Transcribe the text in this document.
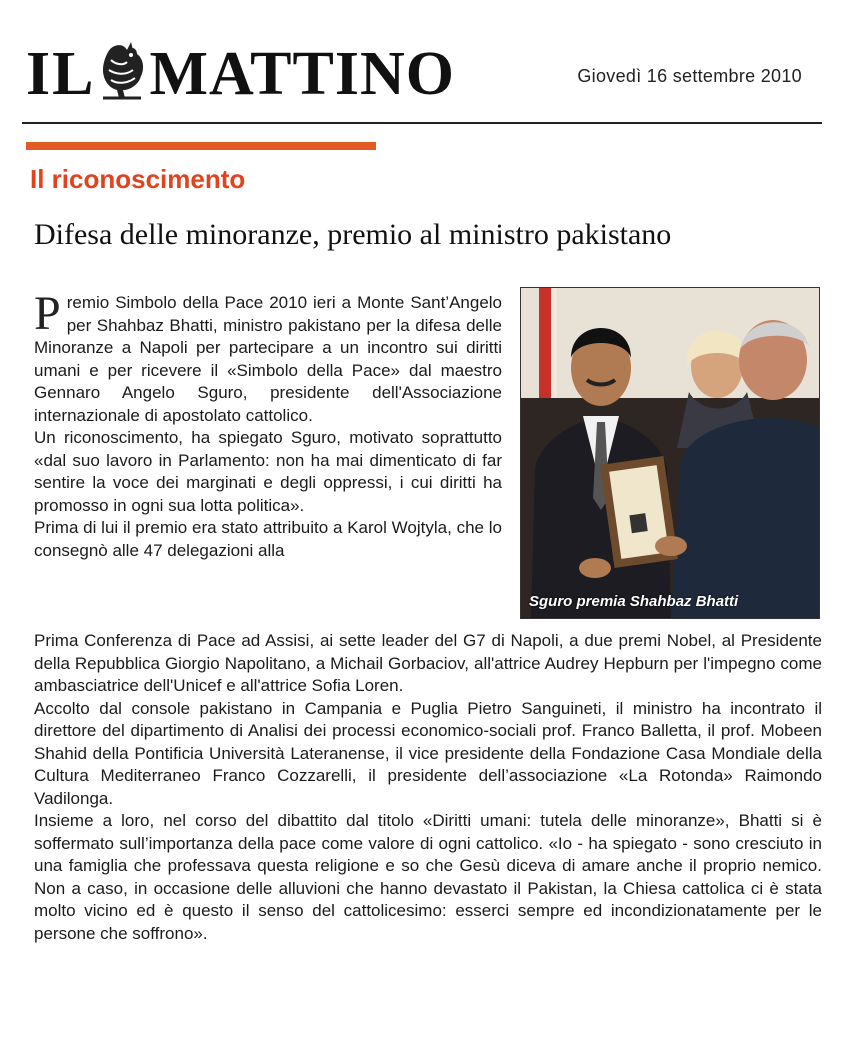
IL MATTINO	Giovedì 16 settembre 2010
Il riconoscimento
Difesa delle minoranze, premio al ministro pakistano

Premio Simbolo della Pace 2010 ieri a Monte Sant’Angelo per Shahbaz Bhatti, ministro pakistano per la difesa delle Minoranze a Napoli per partecipare a un incontro sui diritti umani e per ricevere il «Simbolo della Pace» dal maestro Gennaro Angelo Sguro, presidente dell'Associazione internazionale di apostolato cattolico.

Un riconoscimento, ha spiegato Sguro, motivato soprattutto «dal suo lavoro in Parlamento: non ha mai dimenticato di far sentire la voce dei marginati e degli oppressi, i cui diritti ha promosso in ogni sua lotta politica».

Prima di lui il premio era stato attribuito a Karol Wojtyla, che lo consegnò alle 47 delegazioni alla

Sguro premia Shahbaz Bhatti

Prima Conferenza di Pace ad Assisi, ai sette leader del G7 di Napoli, a due premi Nobel, al Presidente della Repubblica Giorgio Napolitano, a Michail Gorbaciov, all'attrice Audrey Hepburn per l'impegno come ambasciatrice dell'Unicef e all'attrice Sofia Loren.

Accolto dal console pakistano in Campania e Puglia Pietro Sanguineti, il ministro ha incontrato il direttore del dipartimento di Analisi dei processi economico-sociali prof. Franco Balletta, il prof. Mobeen Shahid della Pontificia Università Lateranense, il vice presidente della Fondazione Casa Mondiale della Cultura Mediterraneo Franco Cozzarelli, il presidente dell’associazione «La Rotonda» Raimondo Vadilonga.

Insieme a loro, nel corso del dibattito dal titolo «Diritti umani: tutela delle minoranze», Bhatti si è soffermato sull’importanza della pace come valore di ogni cattolico. «Io - ha spiegato - sono cresciuto in una famiglia che professava questa religione e so che Gesù diceva di amare anche il proprio nemico. Non a caso, in occasione delle alluvioni che hanno devastato il Pakistan, la Chiesa cattolica ci è stata molto vicino ed è questo il senso del cattolicesimo: esserci sempre ed incondizionatamente per le persone che soffrono».
